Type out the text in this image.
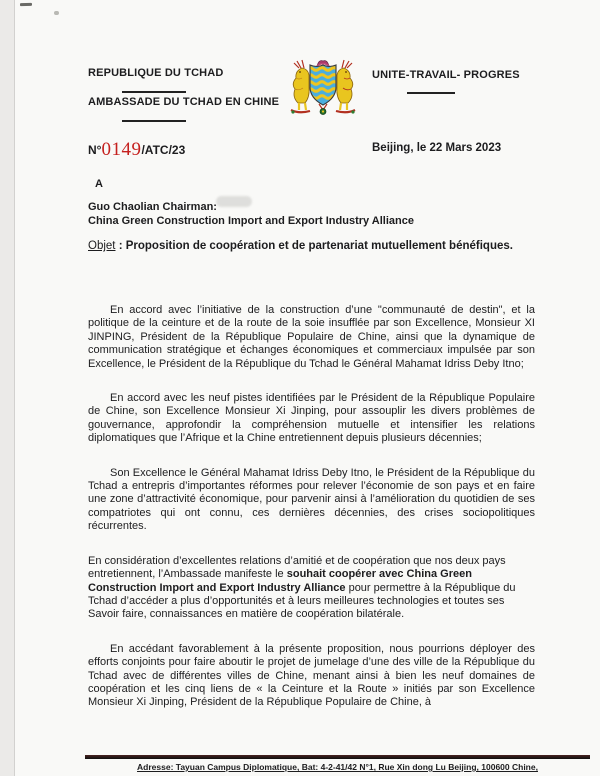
REPUBLIQUE DU TCHAD
AMBASSADE DU TCHAD EN CHINE
UNITE-TRAVAIL- PROGRES
N°0149/ATC/23	Beijing, le 22 Mars 2023
A
Guo Chaolian Chairman:
China Green Construction Import and Export Industry Alliance
Objet : Proposition de coopération et de partenariat mutuellement bénéfiques.

En accord avec l’initiative de la construction d’une "communauté de destin", et la politique de la ceinture et de la route de la soie insufflée par son Excellence, Monsieur XI JINPING, Président de la République Populaire de Chine, ainsi que la dynamique de communication stratégique et échanges économiques et commerciaux impulsée par son Excellence, le Président de la République du Tchad le Général Mahamat Idriss Deby Itno;

En accord avec les neuf pistes identifiées par le Président de la République Populaire de Chine, son Excellence Monsieur Xi Jinping, pour assouplir les divers problèmes de gouvernance, approfondir la compréhension mutuelle et intensifier les relations diplomatiques que l’Afrique et la Chine entretiennent depuis plusieurs décennies;

Son Excellence le Général Mahamat Idriss Deby Itno, le Président de la République du Tchad a entrepris d’importantes réformes pour relever l’économie de son pays et en faire une zone d’attractivité économique, pour parvenir ainsi à l’amélioration du quotidien de ses compatriotes qui ont connu, ces dernières décennies, des crises sociopolitiques récurrentes.

En considération d’excellentes relations d’amitié et de coopération que nos deux pays entretiennent, l’Ambassade manifeste le souhait coopérer avec China Green Construction Import and Export Industry Alliance pour permettre à la République du Tchad d’accéder a plus d’opportunités et à leurs meilleures technologies et toutes ses Savoir faire, connaissances en matière de coopération bilatérale.

En accédant favorablement à la présente proposition, nous pourrions déployer des efforts conjoints pour faire aboutir le projet de jumelage d’une des ville de la République du Tchad avec de différentes villes de Chine, menant ainsi à bien les neuf domaines de coopération et les cinq liens de « la Ceinture et la Route » initiés par son Excellence Monsieur Xi Jinping, Président de la République Populaire de Chine, à

Adresse: Tayuan Campus Diplomatique, Bat: 4-2-41/42 N°1, Rue Xin dong Lu Beijing, 100600 Chine,
